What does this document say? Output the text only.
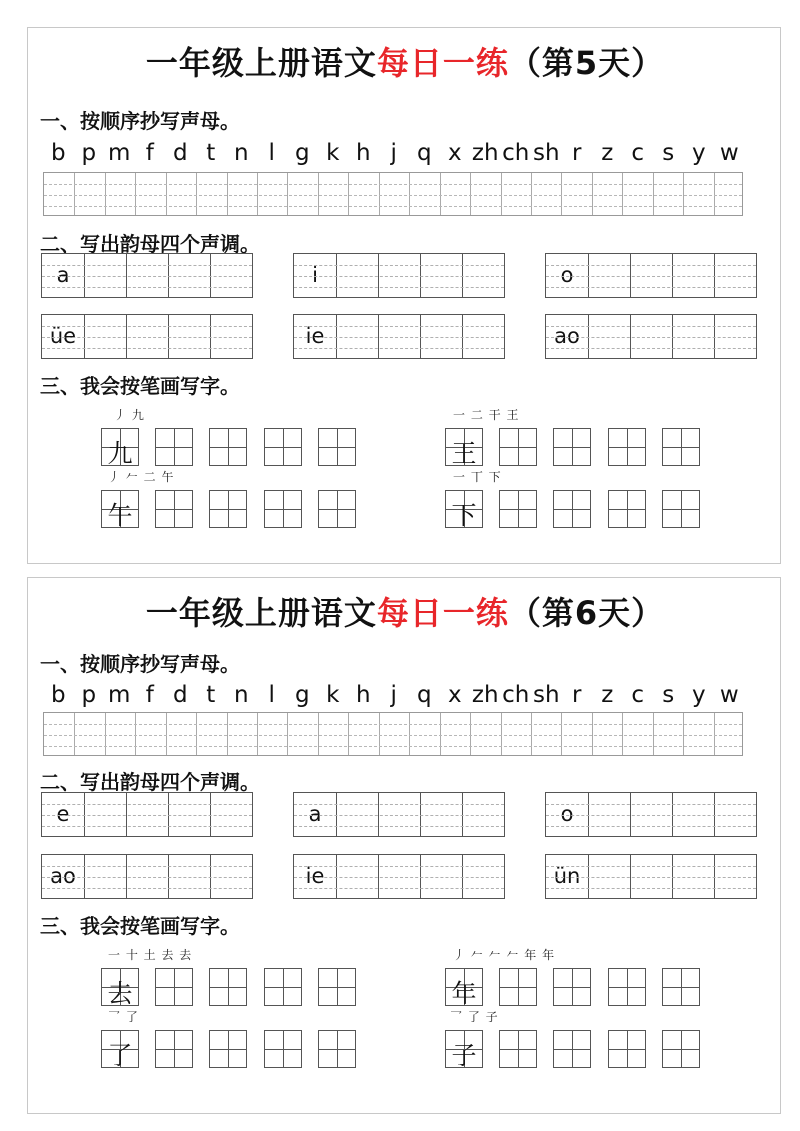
一年级上册语文每日一练（第5天）
一、按顺序抄写声母。
b p m f d t n l g k h j q x zh ch sh r z c s y w
二、写出韵母四个声调。
a	i	o
üe	ie	ao
三、我会按笔画写字。
丿 九
九
一 二 干 王
王
丿 𠂉 二 午
午
一 丅 下
下
一年级上册语文每日一练（第6天）
一、按顺序抄写声母。
b p m f d t n l g k h j q x zh ch sh r z c s y w
二、写出韵母四个声调。
e	a	o
ao	ie	ün
三、我会按笔画写字。
一 十 土 去 去
去
丿 𠂉 𠂉 𠂉 年 年
年
乛 了
了
乛 了 子
子
